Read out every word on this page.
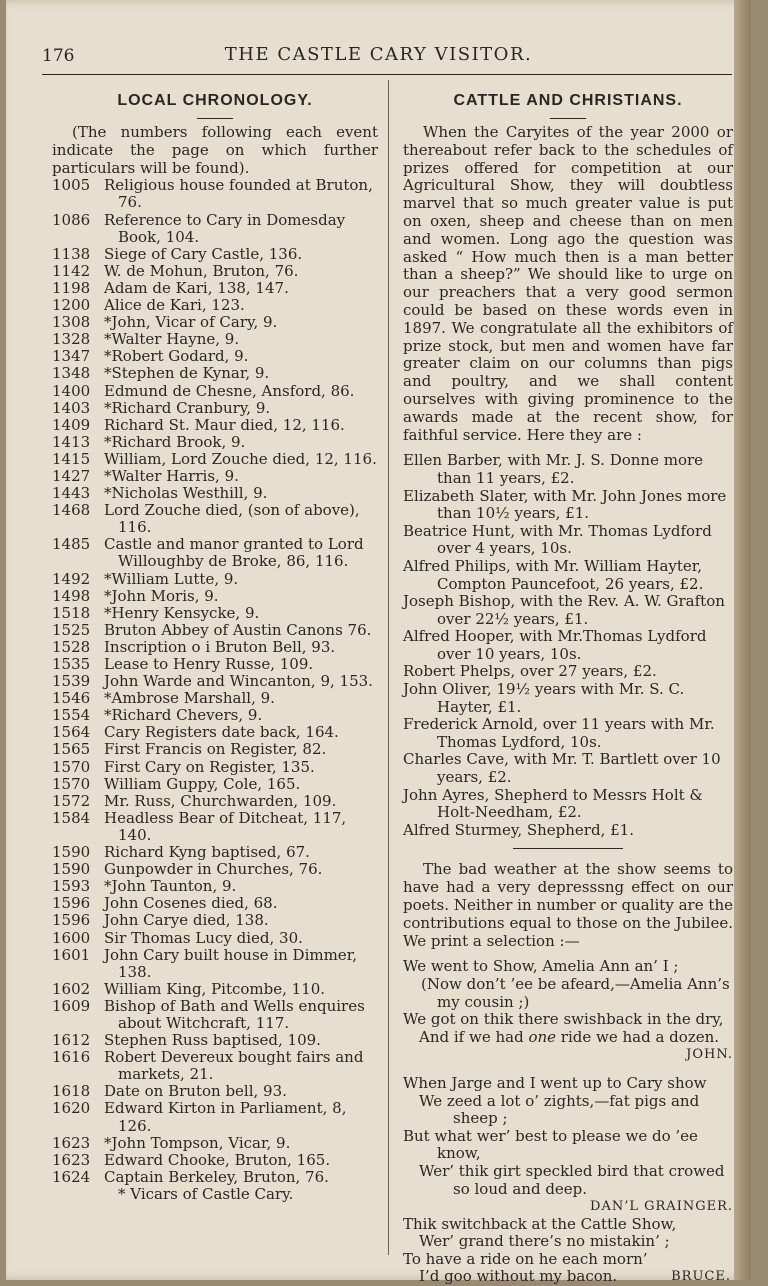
176	THE CASTLE CARY VISITOR.
LOCAL CHRONOLOGY.

(The numbers following each event indicate the page on which further particulars will be found).

1005 Religious house founded at Bruton, 76.
1086 Reference to Cary in Domesday Book, 104.
1138 Siege of Cary Castle, 136.
1142 W. de Mohun, Bruton, 76.
1198 Adam de Kari, 138, 147.
1200 Alice de Kari, 123.
1308 *John, Vicar of Cary, 9.
1328 *Walter Hayne, 9.
1347 *Robert Godard, 9.
1348 *Stephen de Kynar, 9.
1400 Edmund de Chesne, Ansford, 86.
1403 *Richard Cranbury, 9.
1409 Richard St. Maur died, 12, 116.
1413 *Richard Brook, 9.
1415 William, Lord Zouche died, 12, 116.
1427 *Walter Harris, 9.
1443 *Nicholas Westhill, 9.
1468 Lord Zouche died, (son of above), 116.
1485 Castle and manor granted to Lord Willoughby de Broke, 86, 116.
1492 *William Lutte, 9.
1498 *John Moris, 9.
1518 *Henry Kensycke, 9.
1525 Bruton Abbey of Austin Canons 76.
1528 Inscription o i Bruton Bell, 93.
1535 Lease to Henry Russe, 109.
1539 John Warde and Wincanton, 9, 153.
1546 *Ambrose Marshall, 9.
1554 *Richard Chevers, 9.
1564 Cary Registers date back, 164.
1565 First Francis on Register, 82.
1570 First Cary on Register, 135.
1570 William Guppy, Cole, 165.
1572 Mr. Russ, Churchwarden, 109.
1584 Headless Bear of Ditcheat, 117, 140.
1590 Richard Kyng baptised, 67.
1590 Gunpowder in Churches, 76.
1593 *John Taunton, 9.
1596 John Cosenes died, 68.
1596 John Carye died, 138.
1600 Sir Thomas Lucy died, 30.
1601 John Cary built house in Dimmer, 138.
1602 William King, Pitcombe, 110.
1609 Bishop of Bath and Wells enquires about Witchcraft, 117.
1612 Stephen Russ baptised, 109.
1616 Robert Devereux bought fairs and markets, 21.
1618 Date on Bruton bell, 93.
1620 Edward Kirton in Parliament, 8, 126.
1623 *John Tompson, Vicar, 9.
1623 Edward Chooke, Bruton, 165.
1624 Captain Berkeley, Bruton, 76.
* Vicars of Castle Cary.
CATTLE AND CHRISTIANS.

When the Caryites of the year 2000 or thereabout refer back to the schedules of prizes offered for competition at our Agricultural Show, they will doubtless marvel that so much greater value is put on oxen, sheep and cheese than on men and women. Long ago the question was asked “ How much then is a man better than a sheep?” We should like to urge on our preachers that a very good sermon could be based on these words even in 1897. We congratulate all the exhibitors of prize stock, but men and women have far greater claim on our columns than pigs and poultry, and we shall content ourselves with giving prominence to the awards made at the recent show, for faithful service. Here they are :

Ellen Barber, with Mr. J. S. Donne more than 11 years, £2.
Elizabeth Slater, with Mr. John Jones more than 10½ years, £1.
Beatrice Hunt, with Mr. Thomas Lydford over 4 years, 10s.
Alfred Philips, with Mr. William Hayter, Compton Pauncefoot, 26 years, £2.
Joseph Bishop, with the Rev. A. W. Grafton over 22½ years, £1.
Alfred Hooper, with Mr.Thomas Lydford over 10 years, 10s.
Robert Phelps, over 27 years, £2.
John Oliver, 19½ years with Mr. S. C. Hayter, £1.
Frederick Arnold, over 11 years with Mr. Thomas Lydford, 10s.
Charles Cave, with Mr. T. Bartlett over 10 years, £2.
John Ayres, Shepherd to Messrs Holt & Holt-Needham, £2.
Alfred Sturmey, Shepherd, £1.

The bad weather at the show seems to have had a very depresssng effect on our poets. Neither in number or quality are the contributions equal to those on the Jubilee. We print a selection :—

We went to Show, Amelia Ann an’ I ;
(Now don’t ’ee be afeard,—Amelia Ann’s my cousin ;)
We got on thik there swishback in the dry,
And if we had one ride we had a dozen.
JOHN.
When Jarge and I went up to Cary show
We zeed a lot o’ zights,—fat pigs and sheep ;
But what wer’ best to please we do ’ee know,
Wer’ thik girt speckled bird that crowed so loud and deep.
DAN’L GRAINGER.
Thik switchback at the Cattle Show,
Wer’ grand there’s no mistakin’ ;
To have a ride on he each morn’
I’d goo without my bacon.	BRUCE.
